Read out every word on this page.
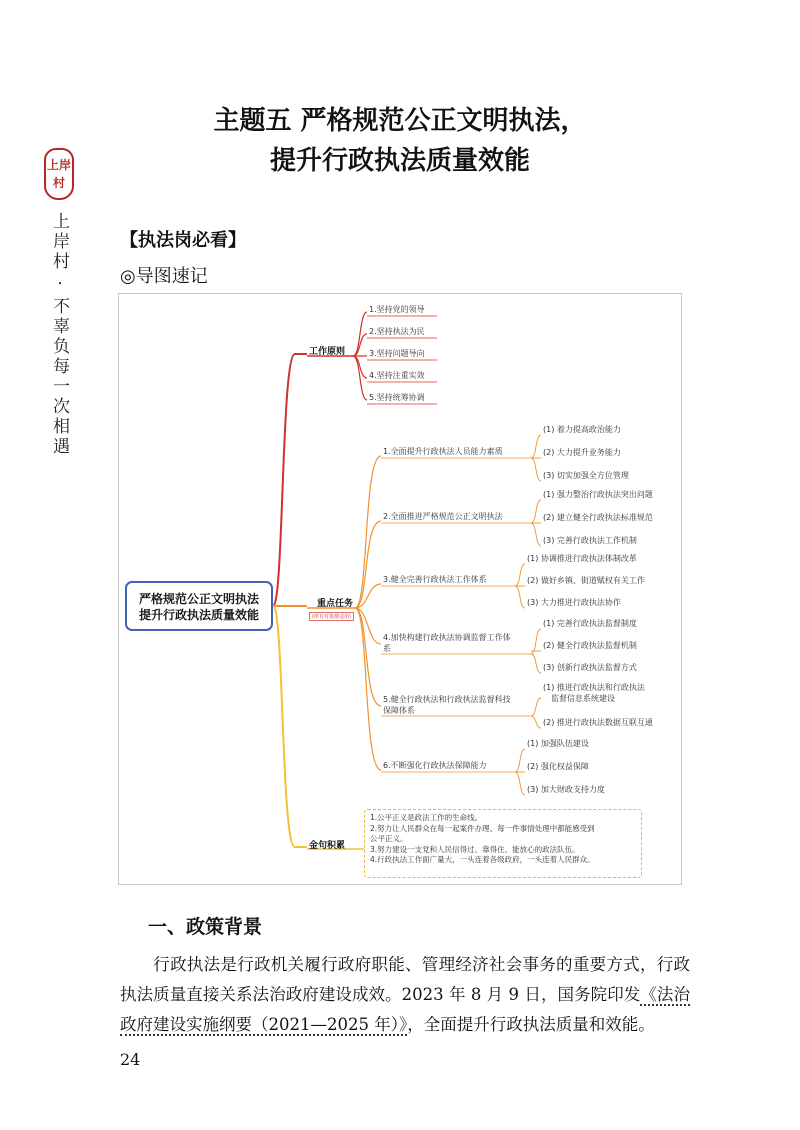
上岸
村
上岸村 · 不辜负每一次相遇
主题五 严格规范公正文明执法，
提升行政执法质量效能
【执法岗必看】
◎导图速记
严格规范公正文明执法
提升行政执法质量效能
工作原则
1.坚持党的领导
2.坚持执法为民
3.坚持问题导向
4.坚持注重实效
5.坚持统筹协调
重点任务
(所有对策都适用)
1.全面提升行政执法人员能力素质
(1) 着力提高政治能力
(2) 大力提升业务能力
(3) 切实加强全方位管理
2.全面推进严格规范公正文明执法
(1) 强力整治行政执法突出问题
(2) 建立健全行政执法标准规范
(3) 完善行政执法工作机制
3.健全完善行政执法工作体系
(1) 协调推进行政执法体制改革
(2) 做好乡镇、街道赋权有关工作
(3) 大力推进行政执法协作
4.加快构建行政执法协调监督工作体
系
(1) 完善行政执法监督制度
(2) 健全行政执法监督机制
(3) 创新行政执法监督方式
5.健全行政执法和行政执法监督科技
保障体系
(1) 推进行政执法和行政执法
监督信息系统建设
(2) 推进行政执法数据互联互通
6.不断强化行政执法保障能力
(1) 加强队伍建设
(2) 强化权益保障
(3) 加大财政支持力度
金句积累
1.公平正义是政法工作的生命线。
2.努力让人民群众在每一起案件办理、每一件事情处理中都能感受到
公平正义。
3.努力建设一支党和人民信得过、靠得住、能放心的政法队伍。
4.行政执法工作面广量大，一头连着各级政府，一头连着人民群众。
一、政策背景
行政执法是行政机关履行政府职能、管理经济社会事务的重要方式，行政执法质量直接关系法治政府建设成效。2023 年 8 月 9 日，国务院印发《法治政府建设实施纲要（2021—2025 年）》，全面提升行政执法质量和效能。
24
